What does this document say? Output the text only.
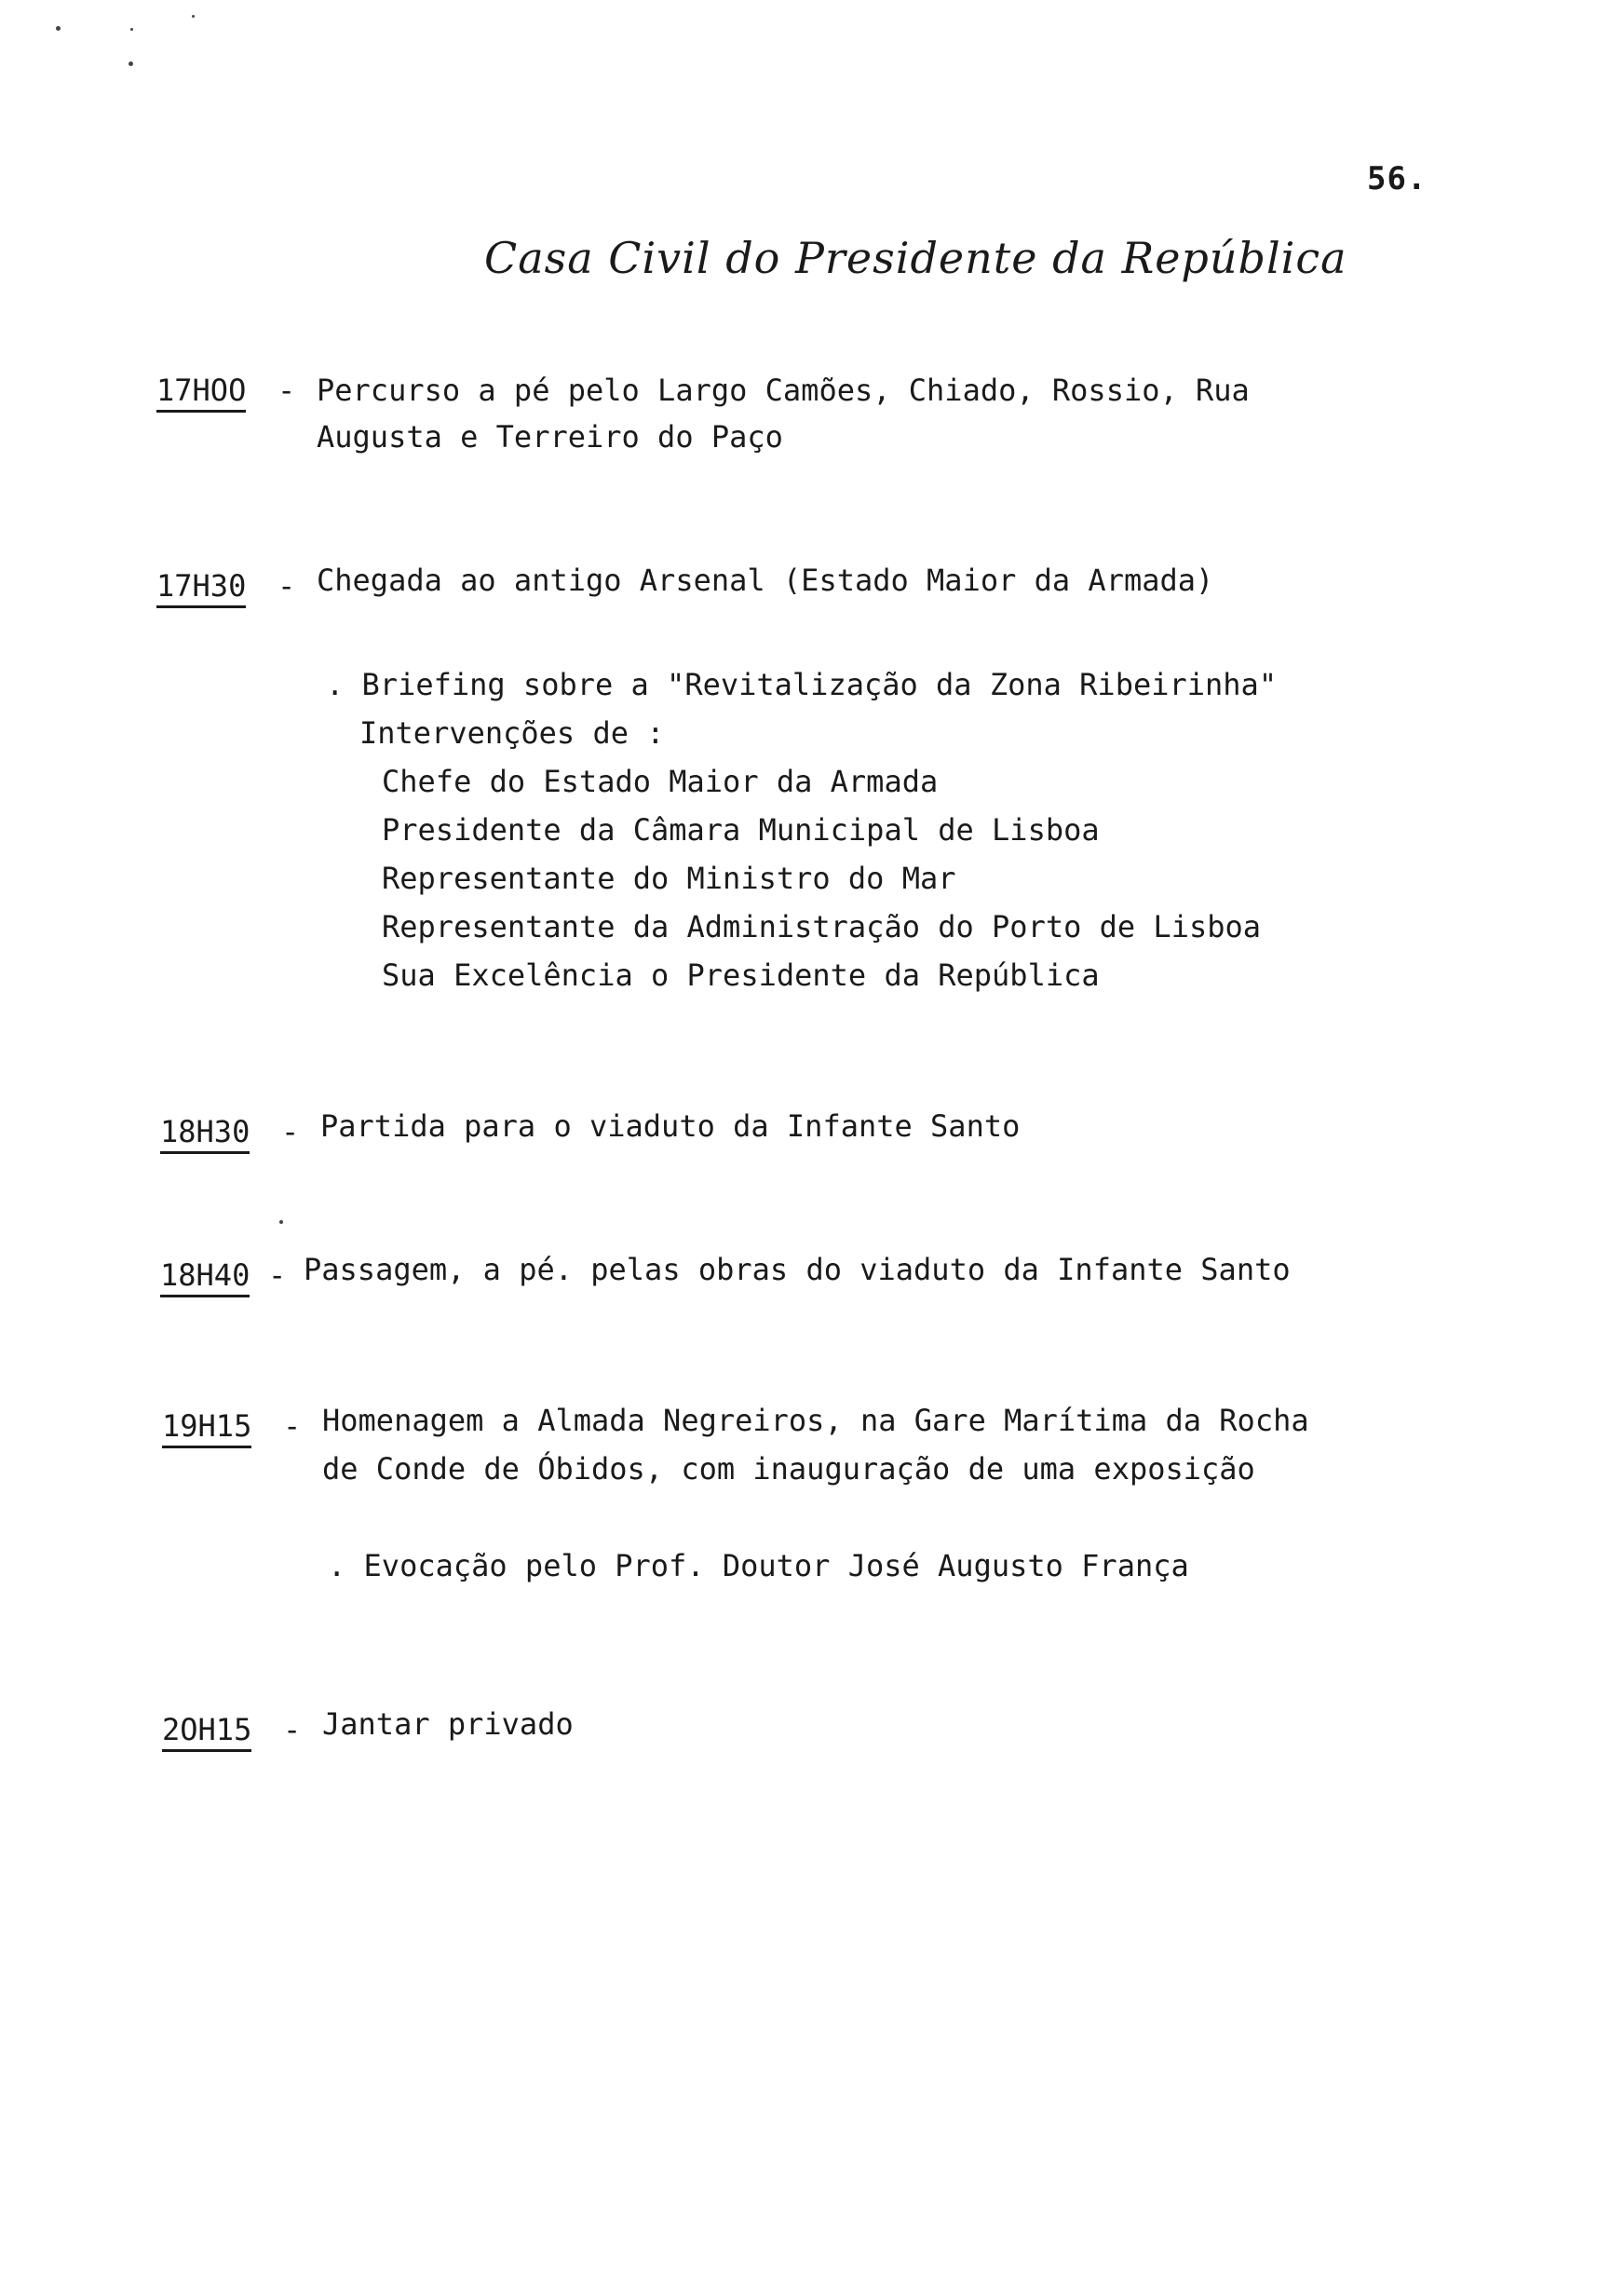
56.
Casa Civil do Presidente da República
17HOO - Percurso a pé pelo Largo Camões, Chiado, Rossio, Rua
Augusta e Terreiro do Paço
17H30 - Chegada ao antigo Arsenal (Estado Maior da Armada)
. Briefing sobre a "Revitalização da Zona Ribeirinha"
Intervenções de :
Chefe do Estado Maior da Armada
Presidente da Câmara Municipal de Lisboa
Representante do Ministro do Mar
Representante da Administração do Porto de Lisboa
Sua Excelência o Presidente da República
18H30 - Partida para o viaduto da Infante Santo
18H40 - Passagem, a pé. pelas obras do viaduto da Infante Santo
19H15 - Homenagem a Almada Negreiros, na Gare Marítima da Rocha
de Conde de Óbidos, com inauguração de uma exposição
. Evocação pelo Prof. Doutor José Augusto França
2OH15 - Jantar privado
